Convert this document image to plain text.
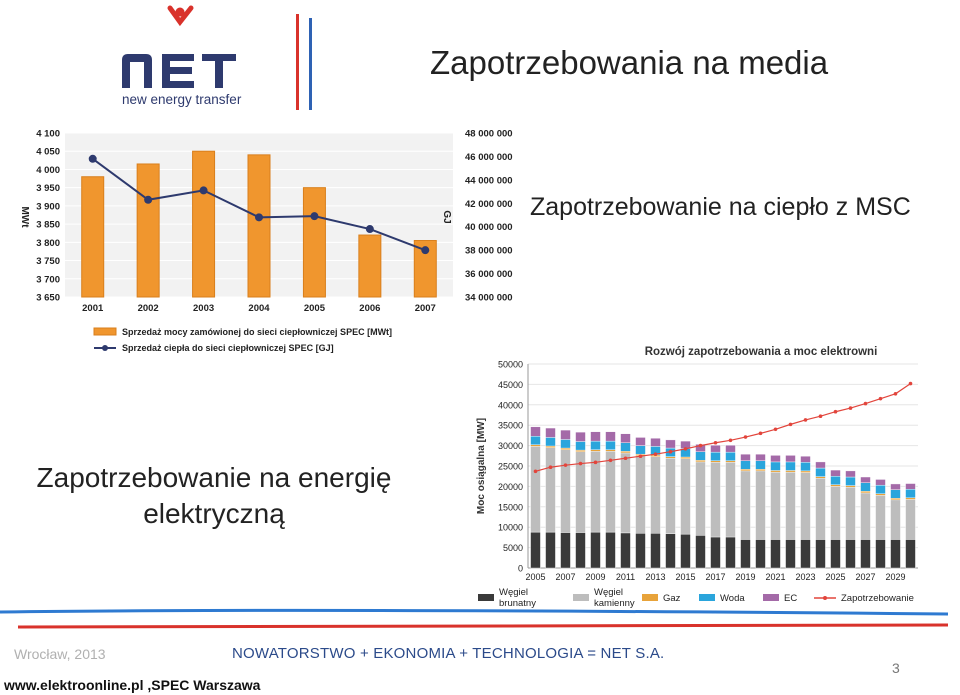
new energy transfer
Zapotrzebowania na media
Zapotrzebowanie na ciepło z MSC
Zapotrzebowanie na energię
elektryczną
3 650
3 700
3 750
3 800
3 850
3 900
3 950
4 000
4 050
4 100
34 000 000
36 000 000
38 000 000
40 000 000
42 000 000
44 000 000
46 000 000
48 000 000
MWt	GJ
2001	2002	2003	2004	2005	2006	2007
Sprzedaż mocy zamówionej do sieci ciepłowniczej SPEC [MWt]
Sprzedaż ciepła do sieci ciepłowniczej SPEC [GJ]	Rozwój zapotrzebowania a moc elektrowni
0
5000
10000
15000
20000
25000
30000
35000
40000
45000
50000
Moc osiągalna [MW]
2005 2007 2009 2011 2013 2015 2017 2019 2021 2023 2025 2027 2029
Węgiel
brunatny
Węgiel
kamienny	Gaz	Woda	EC	Zapotrzebowanie
Wrocław, 2013	NOWATORSTWO + EKONOMIA + TECHNOLOGIA = NET S.A.
www.elektroonline.pl ,SPEC Warszawa
3
